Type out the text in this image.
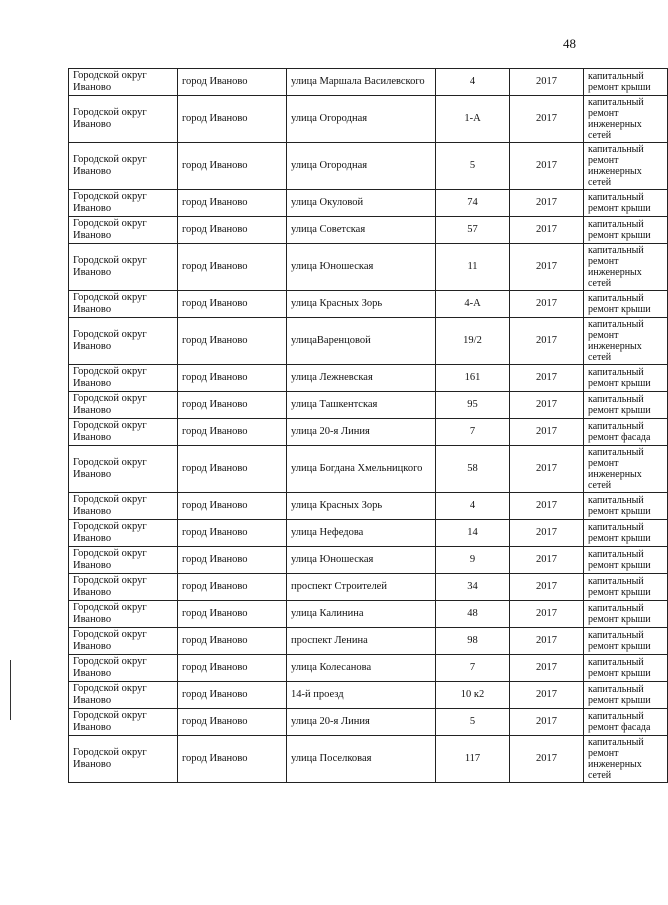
48
Городской округ Иваново	город Иваново	улица Маршала Василевского	4	2017	капитальный ремонт крыши
Городской округ Иваново	город Иваново	улица Огородная	1-А	2017	капитальный ремонт инженерных сетей
Городской округ Иваново	город Иваново	улица Огородная	5	2017	капитальный ремонт инженерных сетей
Городской округ Иваново	город Иваново	улица Окуловой	74	2017	капитальный ремонт крыши
Городской округ Иваново	город Иваново	улица Советская	57	2017	капитальный ремонт крыши
Городской округ Иваново	город Иваново	улица Юношеская	11	2017	капитальный ремонт инженерных сетей
Городской округ Иваново	город Иваново	улица Красных Зорь	4-А	2017	капитальный ремонт крыши
Городской округ Иваново	город Иваново	улицаВаренцовой	19/2	2017	капитальный ремонт инженерных сетей
Городской округ Иваново	город Иваново	улица Лежневская	161	2017	капитальный ремонт крыши
Городской округ Иваново	город Иваново	улица Ташкентская	95	2017	капитальный ремонт крыши
Городской округ Иваново	город Иваново	улица 20-я Линия	7	2017	капитальный ремонт фасада
Городской округ Иваново	город Иваново	улица Богдана Хмельницкого	58	2017	капитальный ремонт инженерных сетей
Городской округ Иваново	город Иваново	улица Красных Зорь	4	2017	капитальный ремонт крыши
Городской округ Иваново	город Иваново	улица Нефедова	14	2017	капитальный ремонт крыши
Городской округ Иваново	город Иваново	улица Юношеская	9	2017	капитальный ремонт крыши
Городской округ Иваново	город Иваново	проспект Строителей	34	2017	капитальный ремонт крыши
Городской округ Иваново	город Иваново	улица Калинина	48	2017	капитальный ремонт крыши
Городской округ Иваново	город Иваново	проспект Ленина	98	2017	капитальный ремонт крыши
Городской округ Иваново	город Иваново	улица Колесанова	7	2017	капитальный ремонт крыши
Городской округ Иваново	город Иваново	14-й проезд	10 к2	2017	капитальный ремонт крыши
Городской округ Иваново	город Иваново	улица 20-я Линия	5	2017	капитальный ремонт фасада
Городской округ Иваново	город Иваново	улица Поселковая	117	2017	капитальный ремонт инженерных сетей
